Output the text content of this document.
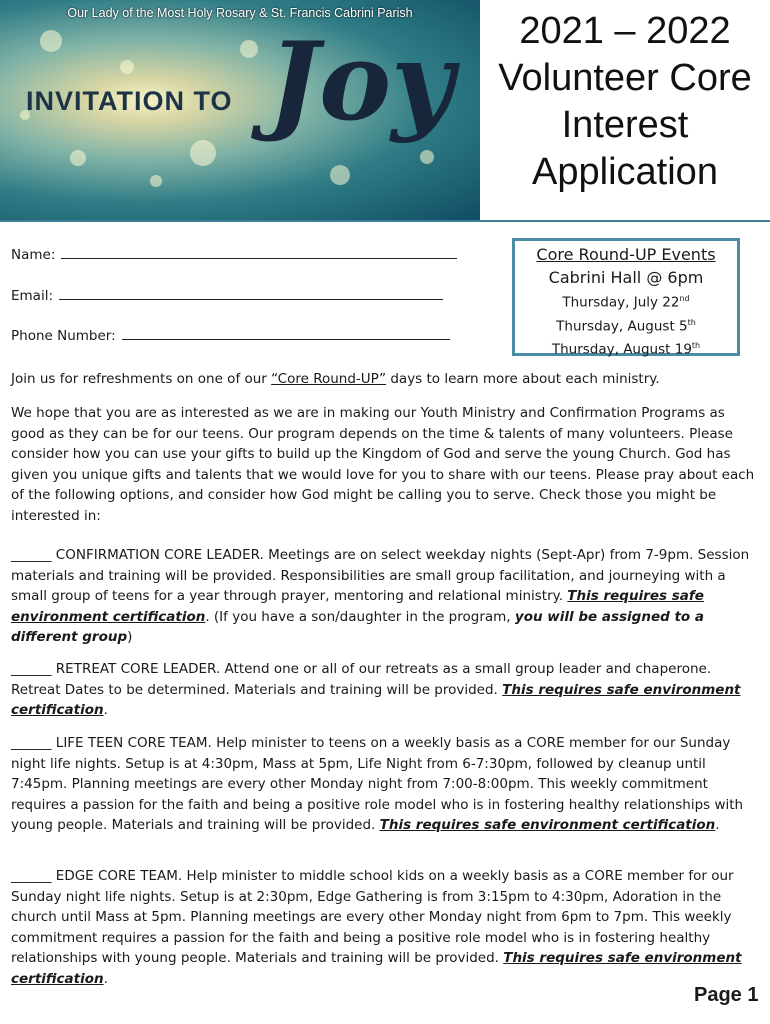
Our Lady of the Most Holy Rosary & St. Francis Cabrini Parish
INVITATION TO Joy	2021 – 2022
Volunteer Core
Interest
Application
Name:
Email:
Phone Number:
Core Round-UP Events
Cabrini Hall @ 6pm
Thursday, July 22nd
Thursday, August 5th
Thursday, August 19th
Join us for refreshments on one of our “Core Round-UP” days to learn more about each ministry.
We hope that you are as interested as we are in making our Youth Ministry and Confirmation Programs as good as they can be for our teens. Our program depends on the time & talents of many volunteers. Please consider how you can use your gifts to build up the Kingdom of God and serve the young Church. God has given you unique gifts and talents that we would love for you to share with our teens. Please pray about each of the following options, and consider how God might be calling you to serve. Check those you might be interested in:
______ CONFIRMATION CORE LEADER. Meetings are on select weekday nights (Sept-Apr) from 7-9pm. Session materials and training will be provided. Responsibilities are small group facilitation, and journeying with a small group of teens for a year through prayer, mentoring and relational ministry. This requires safe environment certification. (If you have a son/daughter in the program, you will be assigned to a different group)
______ RETREAT CORE LEADER. Attend one or all of our retreats as a small group leader and chaperone. Retreat Dates to be determined. Materials and training will be provided. This requires safe environment certification.
______ LIFE TEEN CORE TEAM. Help minister to teens on a weekly basis as a CORE member for our Sunday night life nights. Setup is at 4:30pm, Mass at 5pm, Life Night from 6-7:30pm, followed by cleanup until 7:45pm. Planning meetings are every other Monday night from 7:00-8:00pm. This weekly commitment requires a passion for the faith and being a positive role model who is in fostering healthy relationships with young people. Materials and training will be provided. This requires safe environment certification.
______ EDGE CORE TEAM. Help minister to middle school kids on a weekly basis as a CORE member for our Sunday night life nights. Setup is at 2:30pm, Edge Gathering is from 3:15pm to 4:30pm, Adoration in the church until Mass at 5pm. Planning meetings are every other Monday night from 6pm to 7pm. This weekly commitment requires a passion for the faith and being a positive role model who is in fostering healthy relationships with young people. Materials and training will be provided. This requires safe environment certification.
Page 1
